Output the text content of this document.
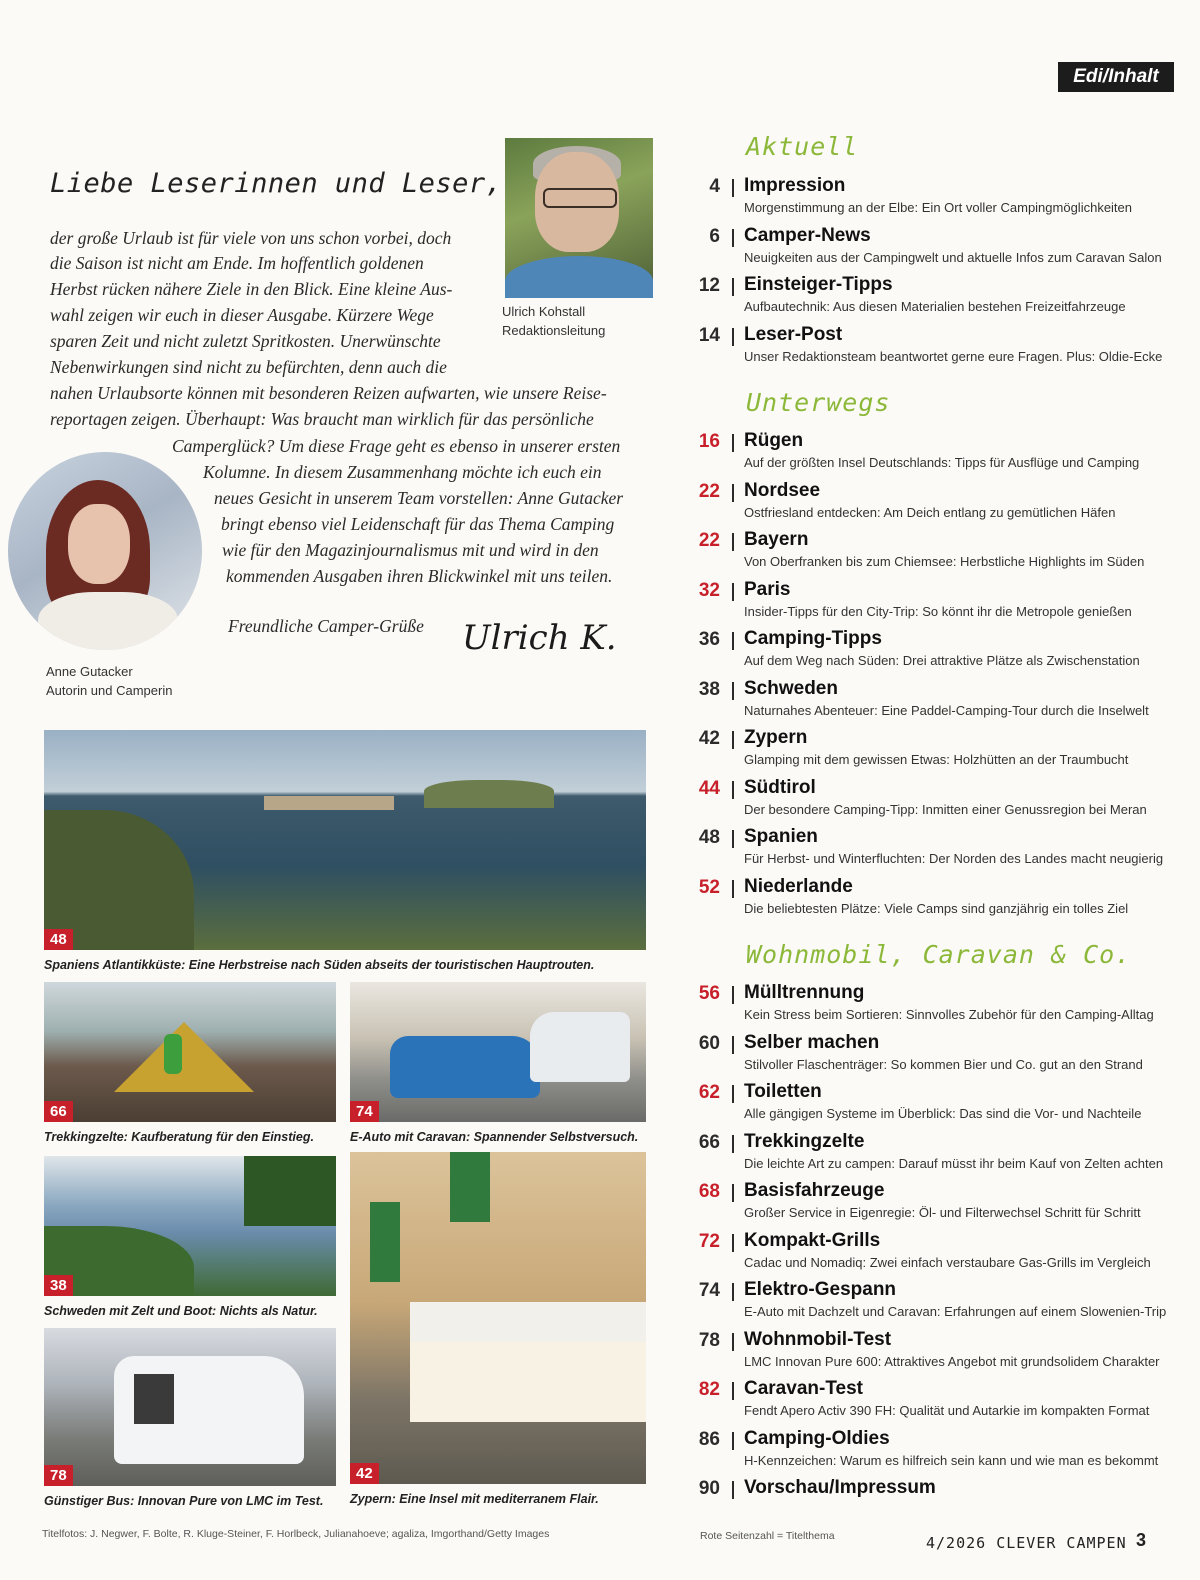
Edi/Inhalt
Liebe Leserinnen und Leser,
der große Urlaub ist für viele von uns schon vorbei, doch
die Saison ist nicht am Ende. Im hoffentlich goldenen
Herbst rücken nähere Ziele in den Blick. Eine kleine Aus-
wahl zeigen wir euch in dieser Ausgabe. Kürzere Wege
sparen Zeit und nicht zuletzt Spritkosten. Unerwünschte
Nebenwirkungen sind nicht zu befürchten, denn auch die
nahen Urlaubsorte können mit besonderen Reizen aufwarten, wie unsere Reise-
reportagen zeigen. Überhaupt: Was braucht man wirklich für das persönliche
Camperglück? Um diese Frage geht es ebenso in unserer ersten
Kolumne. In diesem Zusammenhang möchte ich euch ein
neues Gesicht in unserem Team vorstellen: Anne Gutacker
bringt ebenso viel Leidenschaft für das Thema Camping
wie für den Magazinjournalismus mit und wird in den
kommenden Ausgaben ihren Blickwinkel mit uns teilen.
Freundliche Camper-Grüße
Ulrich Kohstall
Redaktionsleitung
Anne Gutacker
Autorin und Camperin
Ulrich K.
48
Spaniens Atlantikküste: Eine Herbstreise nach Süden abseits der touristischen Hauptrouten.
66
Trekkingzelte: Kaufberatung für den Einstieg.
74
E-Auto mit Caravan: Spannender Selbstversuch.
38
Schweden mit Zelt und Boot: Nichts als Natur.
78
Günstiger Bus: Innovan Pure von LMC im Test.
42
Zypern: Eine Insel mit mediterranem Flair.
Aktuell
Unterwegs
Wohnmobil, Caravan & Co.
4 Impression
Morgenstimmung an der Elbe: Ein Ort voller Campingmöglichkeiten
6 Camper-News
Neuigkeiten aus der Campingwelt und aktuelle Infos zum Caravan Salon
12 Einsteiger-Tipps
Aufbautechnik: Aus diesen Materialien bestehen Freizeitfahrzeuge
14 Leser-Post
Unser Redaktionsteam beantwortet gerne eure Fragen. Plus: Oldie-Ecke
16 Rügen
Auf der größten Insel Deutschlands: Tipps für Ausflüge und Camping
22 Nordsee
Ostfriesland entdecken: Am Deich entlang zu gemütlichen Häfen
22 Bayern
Von Oberfranken bis zum Chiemsee: Herbstliche Highlights im Süden
32 Paris
Insider-Tipps für den City-Trip: So könnt ihr die Metropole genießen
36 Camping-Tipps
Auf dem Weg nach Süden: Drei attraktive Plätze als Zwischenstation
38 Schweden
Naturnahes Abenteuer: Eine Paddel-Camping-Tour durch die Inselwelt
42 Zypern
Glamping mit dem gewissen Etwas: Holzhütten an der Traumbucht
44 Südtirol
Der besondere Camping-Tipp: Inmitten einer Genussregion bei Meran
48 Spanien
Für Herbst- und Winterfluchten: Der Norden des Landes macht neugierig
52 Niederlande
Die beliebtesten Plätze: Viele Camps sind ganzjährig ein tolles Ziel
56 Mülltrennung
Kein Stress beim Sortieren: Sinnvolles Zubehör für den Camping-Alltag
60 Selber machen
Stilvoller Flaschenträger: So kommen Bier und Co. gut an den Strand
62 Toiletten
Alle gängigen Systeme im Überblick: Das sind die Vor- und Nachteile
66 Trekkingzelte
Die leichte Art zu campen: Darauf müsst ihr beim Kauf von Zelten achten
68 Basisfahrzeuge
Großer Service in Eigenregie: Öl- und Filterwechsel Schritt für Schritt
72 Kompakt-Grills
Cadac und Nomadiq: Zwei einfach verstaubare Gas-Grills im Vergleich
74 Elektro-Gespann
E-Auto mit Dachzelt und Caravan: Erfahrungen auf einem Slowenien-Trip
78 Wohnmobil-Test
LMC Innovan Pure 600: Attraktives Angebot mit grundsolidem Charakter
82 Caravan-Test
Fendt Apero Activ 390 FH: Qualität und Autarkie im kompakten Format
86 Camping-Oldies
H-Kennzeichen: Warum es hilfreich sein kann und wie man es bekommt
90 Vorschau/Impressum
Titelfotos: J. Negwer, F. Bolte, R. Kluge-Steiner, F. Horlbeck, Julianahoeve; agaliza, Imgorthand/Getty Images	Rote Seitenzahl = Titelthema	4/2026 CLEVER CAMPEN 3
